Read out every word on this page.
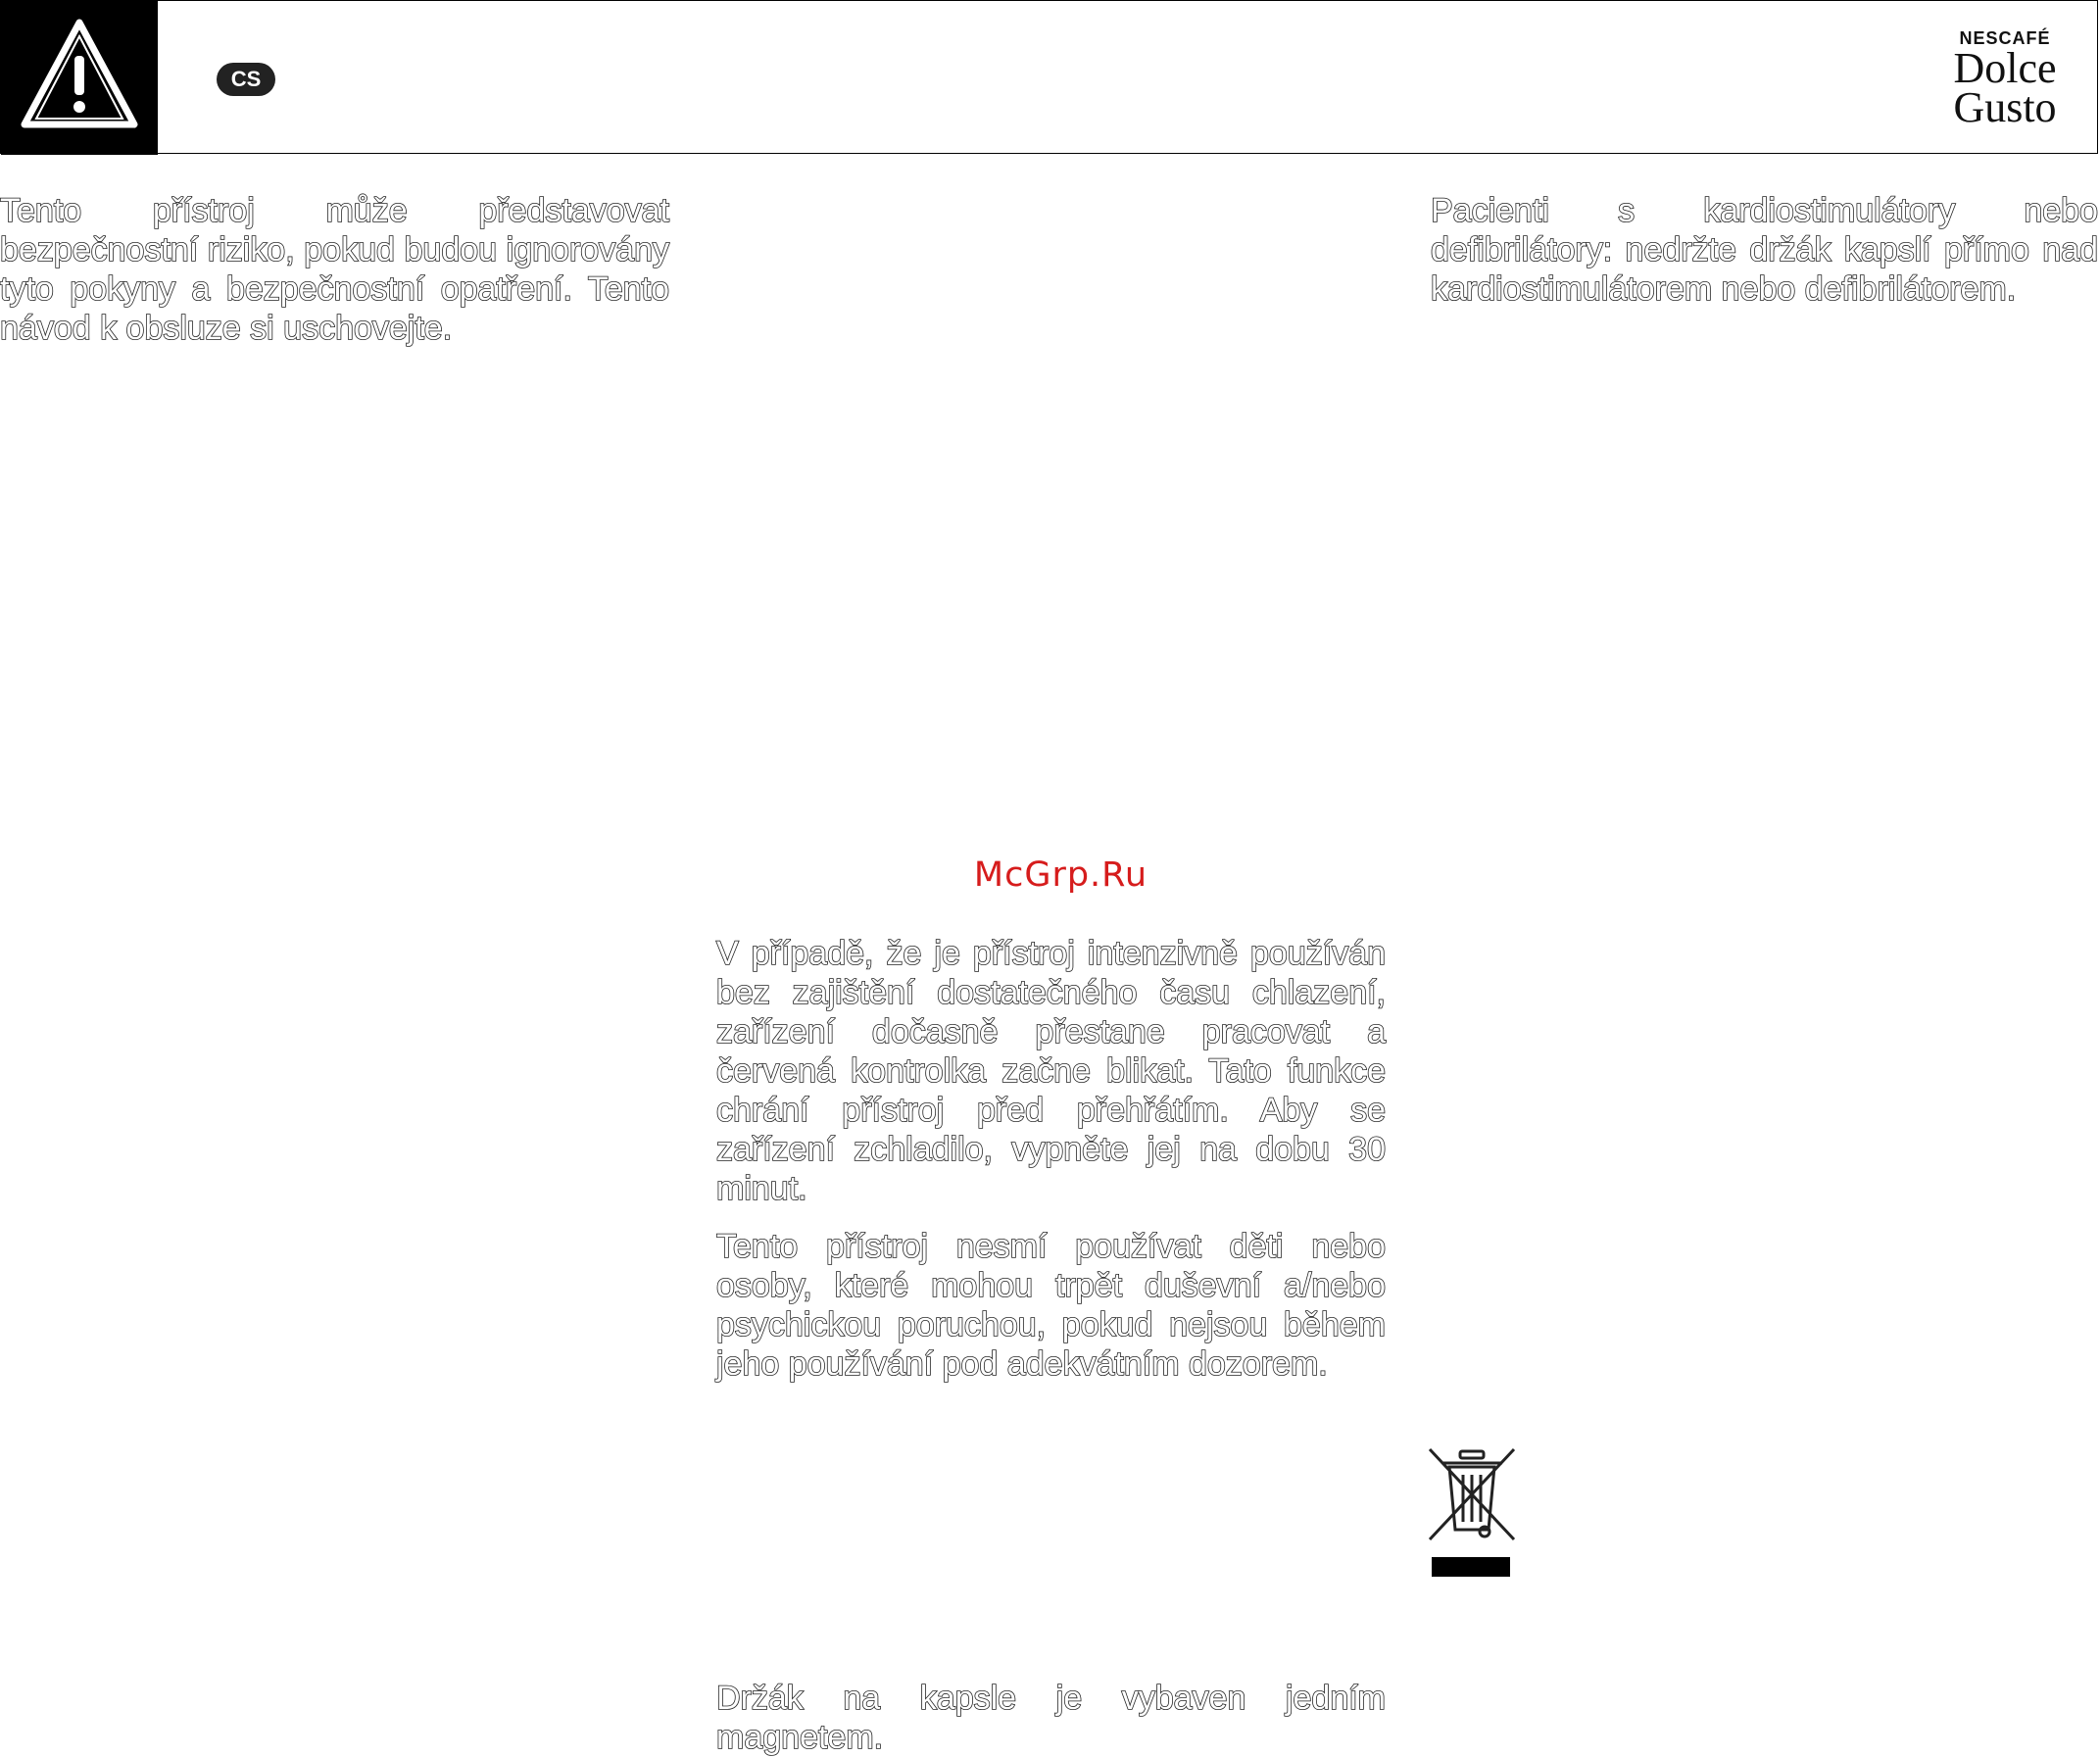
CS
NESCAFÉ
Dolce
Gusto
Tento přístroj může představovat bezpečnostní riziko, pokud budou ignorovány tyto pokyny a bezpečnostní opatření. Tento návod k obsluze si uschovejte.
Pacienti s kardiostimulátory nebo defibrilátory: nedržte držák kapslí přímo nad kardiostimulátorem nebo defibrilátorem.
McGrp.Ru
V případě, že je přístroj intenzivně používán bez zajištění dostatečného času chlazení, zařízení dočasně přestane pracovat a červená kontrolka začne blikat. Tato funkce chrání přístroj před přehřátím. Aby se zařízení zchladilo, vypněte jej na dobu 30 minut.
Tento přístroj nesmí používat děti nebo osoby, které mohou trpět duševní a/nebo psychickou poruchou, pokud nejsou během jeho používání pod adekvátním dozorem.
Držák na kapsle je vybaven jedním magnetem.
